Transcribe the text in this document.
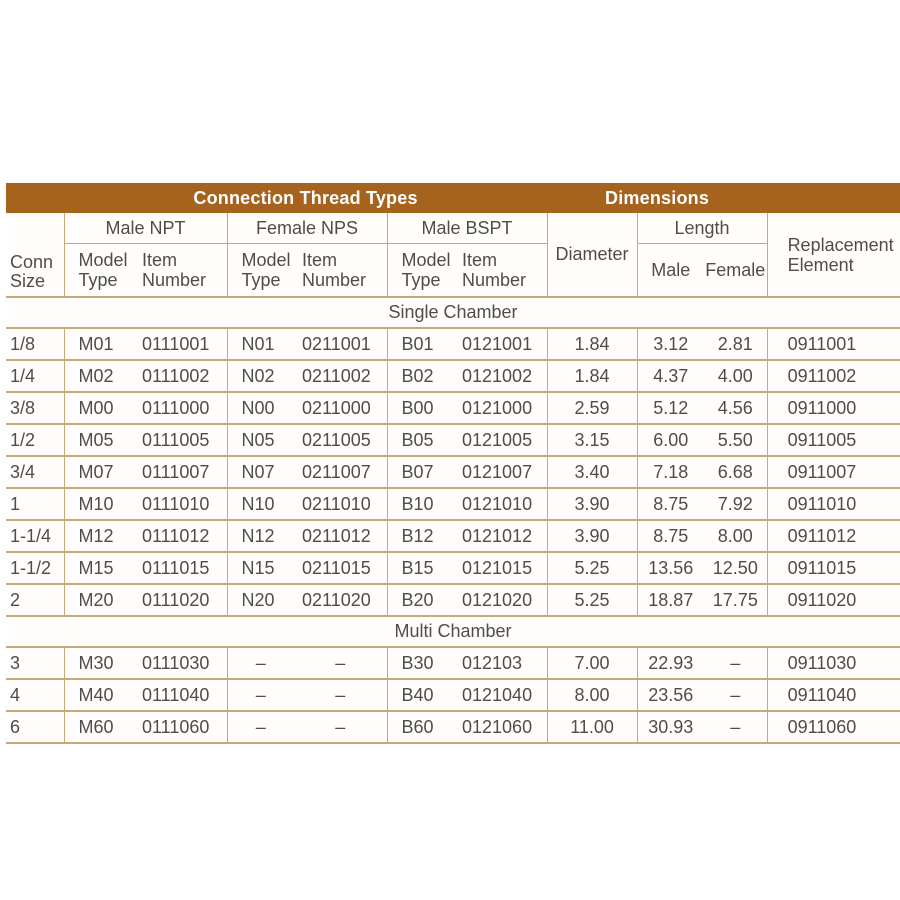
	Connection Thread Types						Dimensions			
Conn Size	Male NPT		Female NPS		Male BSPT		Diameter	Length		Replacement Element
	Model Type	Item Number	Model Type	Item Number	Model Type	Item Number		Male	Female	
Single Chamber										
1/8	M01	0111001	N01	0211001	B01	0121001	1.84	3.12	2.81	0911001
1/4	M02	0111002	N02	0211002	B02	0121002	1.84	4.37	4.00	0911002
3/8	M00	0111000	N00	0211000	B00	0121000	2.59	5.12	4.56	0911000
1/2	M05	0111005	N05	0211005	B05	0121005	3.15	6.00	5.50	0911005
3/4	M07	0111007	N07	0211007	B07	0121007	3.40	7.18	6.68	0911007
1	M10	0111010	N10	0211010	B10	0121010	3.90	8.75	7.92	0911010
1-1/4	M12	0111012	N12	0211012	B12	0121012	3.90	8.75	8.00	0911012
1-1/2	M15	0111015	N15	0211015	B15	0121015	5.25	13.56	12.50	0911015
2	M20	0111020	N20	0211020	B20	0121020	5.25	18.87	17.75	0911020
Multi Chamber										
3	M30	0111030	–	–	B30	012103	7.00	22.93	–	0911030
4	M40	0111040	–	–	B40	0121040	8.00	23.56	–	0911040
6	M60	0111060	–	–	B60	0121060	11.00	30.93	–	0911060
